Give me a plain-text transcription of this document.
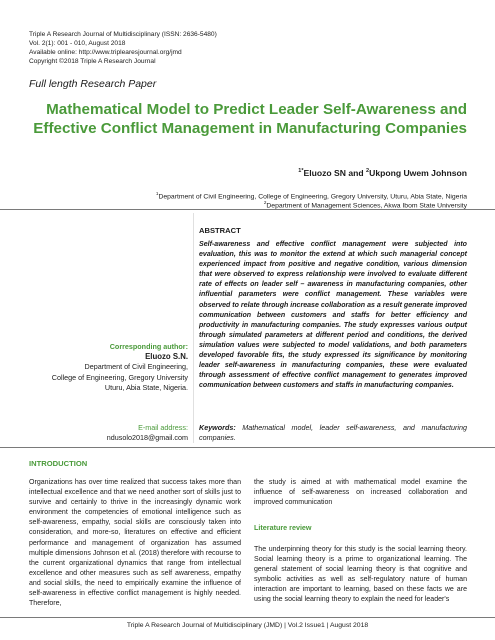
Triple A Research Journal of Multidisciplinary (ISSN: 2636-5480)
Vol. 2(1): 001 - 010, August 2018
Available online: http://www.triplearesjournal.org/jmd
Copyright ©2018 Triple A Research Journal
Full length Research Paper
Mathematical Model to Predict Leader Self-Awareness and Effective Conflict Management in Manufacturing Companies
$^{1*}$Eluozo SN and $^2$Ukpong Uwem Johnson
$^1$Department of Civil Engineering, College of Engineering, Gregory University, Uturu, Abia State, Nigeria
$^2$Department of Management Sciences, Akwa Ibom State University
ABSTRACT
Self-awareness and effective conflict management were subjected into evaluation, this was to monitor the extend at which such managerial concept experienced impact from positive and negative condition, various dimension that were observed to express relationship were involved to evaluate different rate of effects on leader self – awareness in manufacturing companies, other influential parameters were conflict management. These variables were observed to relate through increase collaboration as a result generate improved communication between customers and staffs for better efficiency and productivity in manufacturing companies. The study expresses various output through simulated parameters at different period and conditions, the derived simulation values were subjected to model validations, and both parameters developed favorable fits, the study expressed its significance by monitoring leader self-awareness in manufacturing companies, these were evaluated through assessment of effective conflict management to generates improved communication between customers and staffs in manufacturing companies.
Corresponding author:
Eluozo S.N.
Department of Civil Engineering,
College of Engineering, Gregory University
Uturu, Abia State, Nigeria.
E-mail address:
ndusolo2018@gmail.com
Keywords: Mathematical model, leader self-awareness, and manufacturing companies.
INTRODUCTION
Organizations has over time realized that success takes more than intellectual excellence and that we need another sort of skills just to survive and certainly to thrive in the increasingly dynamic work environment the competencies of emotional intelligence such as self-awareness, empathy, social skills are consciously taken into consideration, and more-so, literatures on effective and efficient performance and management of organization has assumed multiple dimensions Johnson et al. (2018) therefore with recourse to the current organizational dynamics that range from intellectual excellence and other measures such as self awareness, empathy and social skills, the need to empirically examine the influence of self-awareness in effective conflict management is highly needed. Therefore,
the study is aimed at with mathematical model examine the influence of self-awareness on increased collaboration and improved communication
Literature review
The underpinning theory for this study is the social learning theory. Social learning theory is a prime to organizational learning. The general statement of social learning theory is that cognitive and symbolic activities as well as self-regulatory nature of human interaction are important to learning, based on these facts we are using the social learning theory to explain the need for leader's
Triple A Research Journal of Multidisciplinary (JMD) | Vol.2 Issue1 | August 2018
